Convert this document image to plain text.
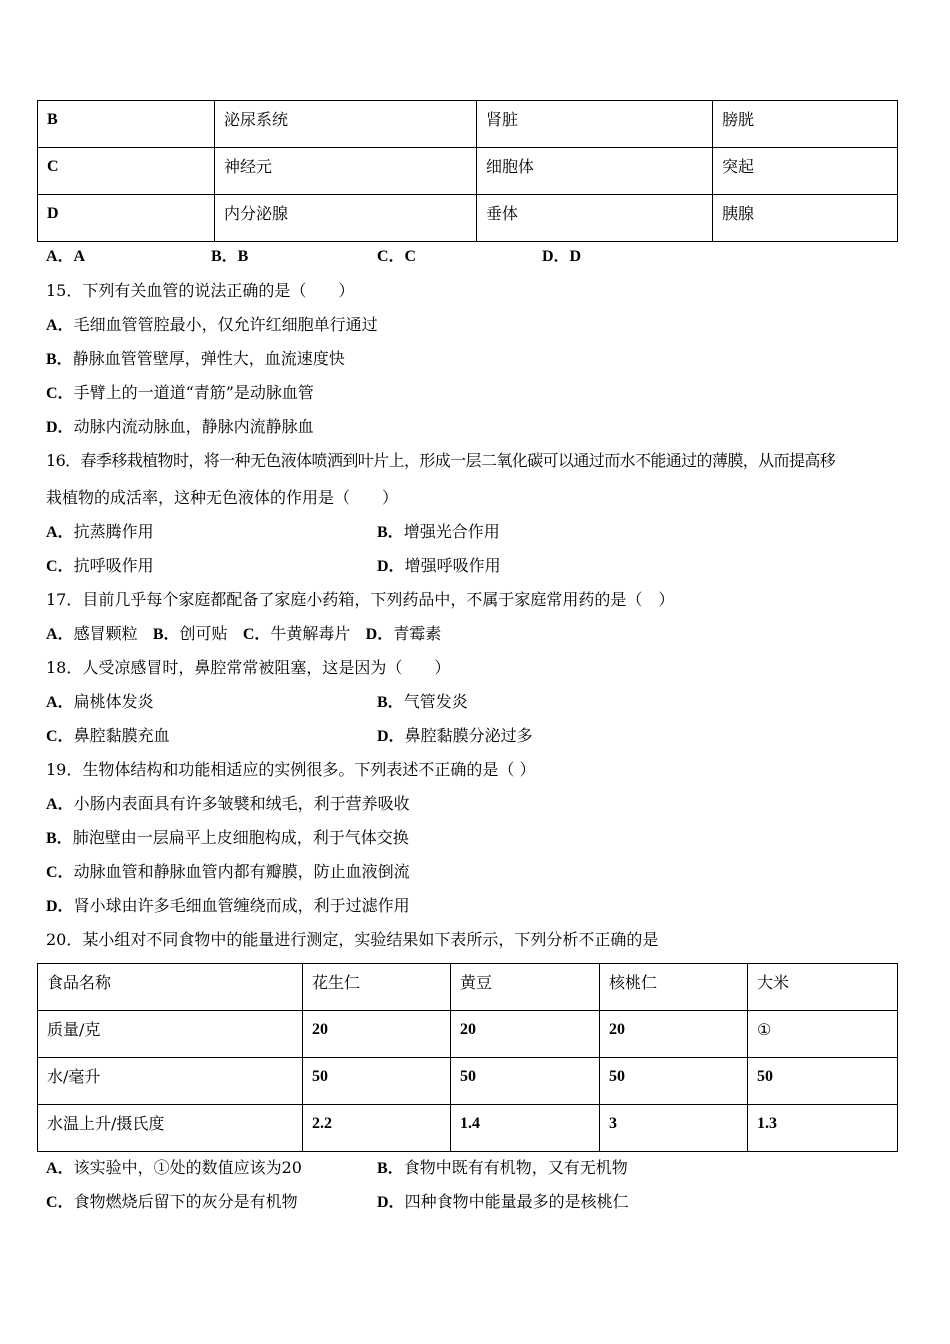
B	泌尿系统	肾脏	膀胱
C	神经元	细胞体	突起
D	内分泌腺	垂体	胰腺
A．A	B．B	C．C	D．D
15．下列有关血管的说法正确的是（　　）
A．毛细血管管腔最小，仅允许红细胞单行通过
B．静脉血管管壁厚，弹性大，血流速度快
C．手臂上的一道道“青筋”是动脉血管
D．动脉内流动脉血，静脉内流静脉血
16．春季移栽植物时，将一种无色液体喷洒到叶片上，形成一层二氧化碳可以通过而水不能通过的薄膜，从而提高移
栽植物的成活率，这种无色液体的作用是（　　）
A．抗蒸腾作用	B．增强光合作用
C．抗呼吸作用	D．增强呼吸作用
17．目前几乎每个家庭都配备了家庭小药箱，下列药品中，不属于家庭常用药的是（　）
A．感冒颗粒 B．创可贴 C．牛黄解毒片 D．青霉素
18．人受凉感冒时，鼻腔常常被阻塞，这是因为（　　）
A．扁桃体发炎	B．气管发炎
C．鼻腔黏膜充血	D．鼻腔黏膜分泌过多
19．生物体结构和功能相适应的实例很多。下列表述不正确的是（ ）
A．小肠内表面具有许多皱襞和绒毛，利于营养吸收
B．肺泡壁由一层扁平上皮细胞构成，利于气体交换
C．动脉血管和静脉血管内都有瓣膜，防止血液倒流
D．肾小球由许多毛细血管缠绕而成，利于过滤作用
20．某小组对不同食物中的能量进行测定，实验结果如下表所示，下列分析不正确的是
食品名称	花生仁	黄豆	核桃仁	大米
质量/克	20	20	20	①
水/毫升	50	50	50	50
水温上升/摄氏度	2.2	1.4	3	1.3
A．该实验中，①处的数值应该为20	B．食物中既有有机物，又有无机物
C．食物燃烧后留下的灰分是有机物	D．四种食物中能量最多的是核桃仁
